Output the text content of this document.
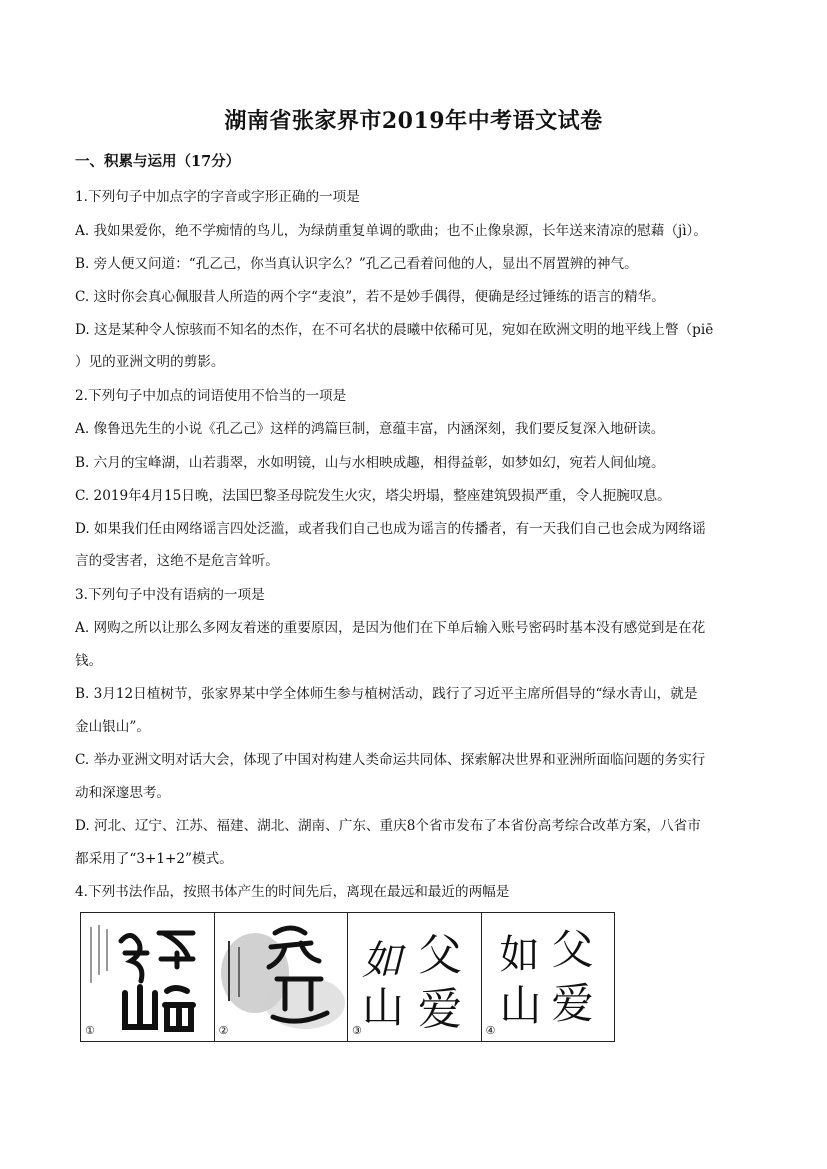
湖南省张家界市2019年中考语文试卷
一、积累与运用（17分）
1.下列句子中加点字的字音或字形正确的一项是
A. 我如果爱你，绝不学痴情的鸟儿，为绿荫重复单调的歌曲；也不止像泉源，长年送来清凉的慰藉（jì）。
B. 旁人便又问道：“孔乙己，你当真认识字么？”孔乙己看着问他的人，显出不屑置辨的神气。
C. 这时你会真心佩服昔人所造的两个字“麦浪”，若不是妙手偶得，便确是经过锤练的语言的精华。
D. 这是某种令人惊骇而不知名的杰作，在不可名状的晨曦中依稀可见，宛如在欧洲文明的地平线上瞥（piē
）见的亚洲文明的剪影。
2.下列句子中加点的词语使用不恰当的一项是
A. 像鲁迅先生的小说《孔乙己》这样的鸿篇巨制，意蕴丰富，内涵深刻，我们要反复深入地研读。
B. 六月的宝峰湖，山若翡翠，水如明镜，山与水相映成趣，相得益彰，如梦如幻，宛若人间仙境。
C. 2019年4月15日晚，法国巴黎圣母院发生火灾，塔尖坍塌，整座建筑毁损严重，令人扼腕叹息。
D. 如果我们任由网络谣言四处泛滥，或者我们自己也成为谣言的传播者，有一天我们自己也会成为网络谣
言的受害者，这绝不是危言耸听。
3.下列句子中没有语病的一项是
A. 网购之所以让那么多网友着迷的重要原因，是因为他们在下单后输入账号密码时基本没有感觉到是在花
钱。
B. 3月12日植树节，张家界某中学全体师生参与植树活动，践行了习近平主席所倡导的“绿水青山，就是
金山银山”。
C. 举办亚洲文明对话大会，体现了中国对构建人类命运共同体、探索解决世界和亚洲所面临问题的务实行
动和深邃思考。
D. 河北、辽宁、江苏、福建、湖北、湖南、广东、重庆8个省市发布了本省份高考综合改革方案，八省市
都采用了“3+1+2”模式。
4.下列书法作品，按照书体产生的时间先后，离现在最远和最近的两幅是
①	②
父
如
爱
山
③
父
如
爱
山
④
